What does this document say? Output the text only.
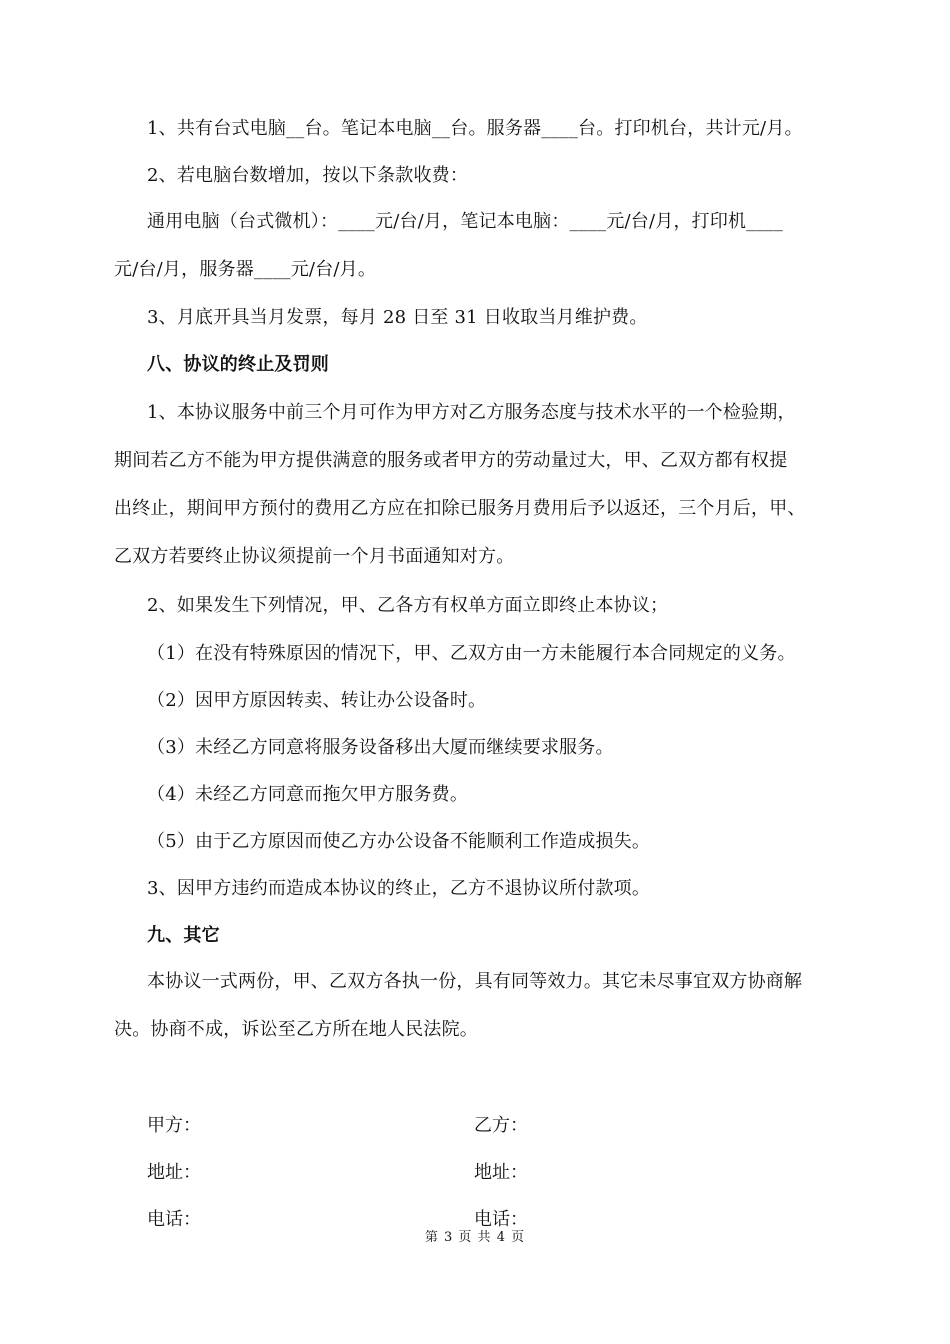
1、共有台式电脑__台。笔记本电脑__台。服务器____台。打印机台，共计元/月。
2、若电脑台数增加，按以下条款收费：
通用电脑（台式微机）：____元/台/月，笔记本电脑：____元/台/月，打印机____
元/台/月，服务器____元/台/月。
3、月底开具当月发票，每月 28 日至 31 日收取当月维护费。
八、协议的终止及罚则
1、本协议服务中前三个月可作为甲方对乙方服务态度与技术水平的一个检验期，
期间若乙方不能为甲方提供满意的服务或者甲方的劳动量过大，甲、乙双方都有权提
出终止，期间甲方预付的费用乙方应在扣除已服务月费用后予以返还，三个月后，甲、
乙双方若要终止协议须提前一个月书面通知对方。
2、如果发生下列情况，甲、乙各方有权单方面立即终止本协议；
（1）在没有特殊原因的情况下，甲、乙双方由一方未能履行本合同规定的义务。
（2）因甲方原因转卖、转让办公设备时。
（3）未经乙方同意将服务设备移出大厦而继续要求服务。
（4）未经乙方同意而拖欠甲方服务费。
（5）由于乙方原因而使乙方办公设备不能顺利工作造成损失。
3、因甲方违约而造成本协议的终止，乙方不退协议所付款项。
九、其它
本协议一式两份，甲、乙双方各执一份，具有同等效力。其它未尽事宜双方协商解
决。协商不成，诉讼至乙方所在地人民法院。
甲方：	乙方：
地址：	地址：
电话：	电话：
第 3 页 共 4 页
